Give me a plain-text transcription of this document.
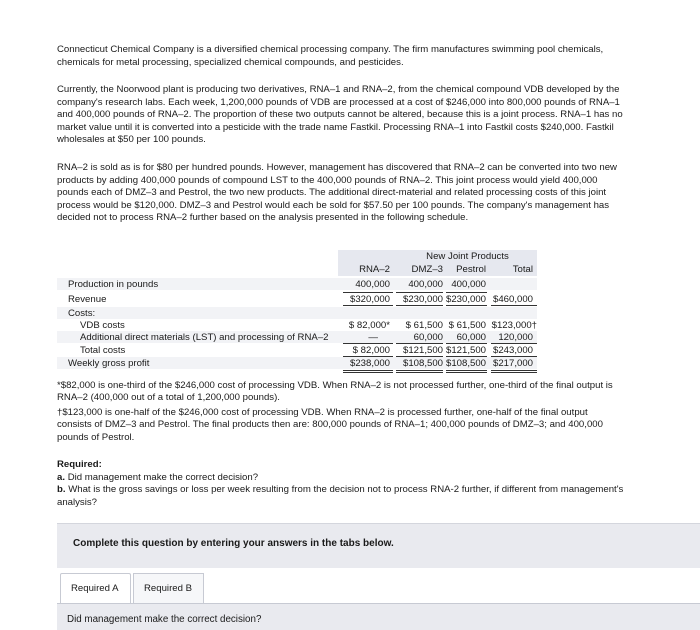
Connecticut Chemical Company is a diversified chemical processing company. The firm manufactures swimming pool chemicals, chemicals for metal processing, specialized chemical compounds, and pesticides.

Currently, the Noorwood plant is producing two derivatives, RNA–1 and RNA–2, from the chemical compound VDB developed by the company's research labs. Each week, 1,200,000 pounds of VDB are processed at a cost of $246,000 into 800,000 pounds of RNA–1 and 400,000 pounds of RNA–2. The proportion of these two outputs cannot be altered, because this is a joint process. RNA–1 has no market value until it is converted into a pesticide with the trade name Fastkil. Processing RNA–1 into Fastkil costs $240,000. Fastkil wholesales at $50 per 100 pounds.

RNA–2 is sold as is for $80 per hundred pounds. However, management has discovered that RNA–2 can be converted into two new products by adding 400,000 pounds of compound LST to the 400,000 pounds of RNA–2. This joint process would yield 400,000 pounds each of DMZ–3 and Pestrol, the two new products. The additional direct-material and related processing costs of this joint process would be $120,000. DMZ–3 and Pestrol would each be sold for $57.50 per 100 pounds. The company's management has decided not to process RNA–2 further based on the analysis presented in the following schedule.

New Joint Products
RNA–2	DMZ–3	Pestrol	Total
Production in pounds	400,000	400,000 400,000
Revenue	$320,000	$230,000 $230,000 $460,000
Costs:
VDB costs	$ 82,000*	$ 61,500 $ 61,500 $123,000†
Additional direct materials (LST) and processing of RNA–2	—	60,000	60,000	120,000
Total costs	$ 82,000	$121,500 $121,500 $243,000
Weekly gross profit	$238,000	$108,500 $108,500 $217,000

*$82,000 is one-third of the $246,000 cost of processing VDB. When RNA–2 is not processed further, one-third of the final output is RNA–2 (400,000 out of a total of 1,200,000 pounds).

†$123,000 is one-half of the $246,000 cost of processing VDB. When RNA–2 is processed further, one-half of the final output consists of DMZ–3 and Pestrol. The final products then are: 800,000 pounds of RNA–1; 400,000 pounds of DMZ–3; and 400,000 pounds of Pestrol.

Required:
a. Did management make the correct decision?
b. What is the gross savings or loss per week resulting from the decision not to process RNA-2 further, if different from management's analysis?
Complete this question by entering your answers in the tabs below.
Required A	Required B
Did management make the correct decision?
